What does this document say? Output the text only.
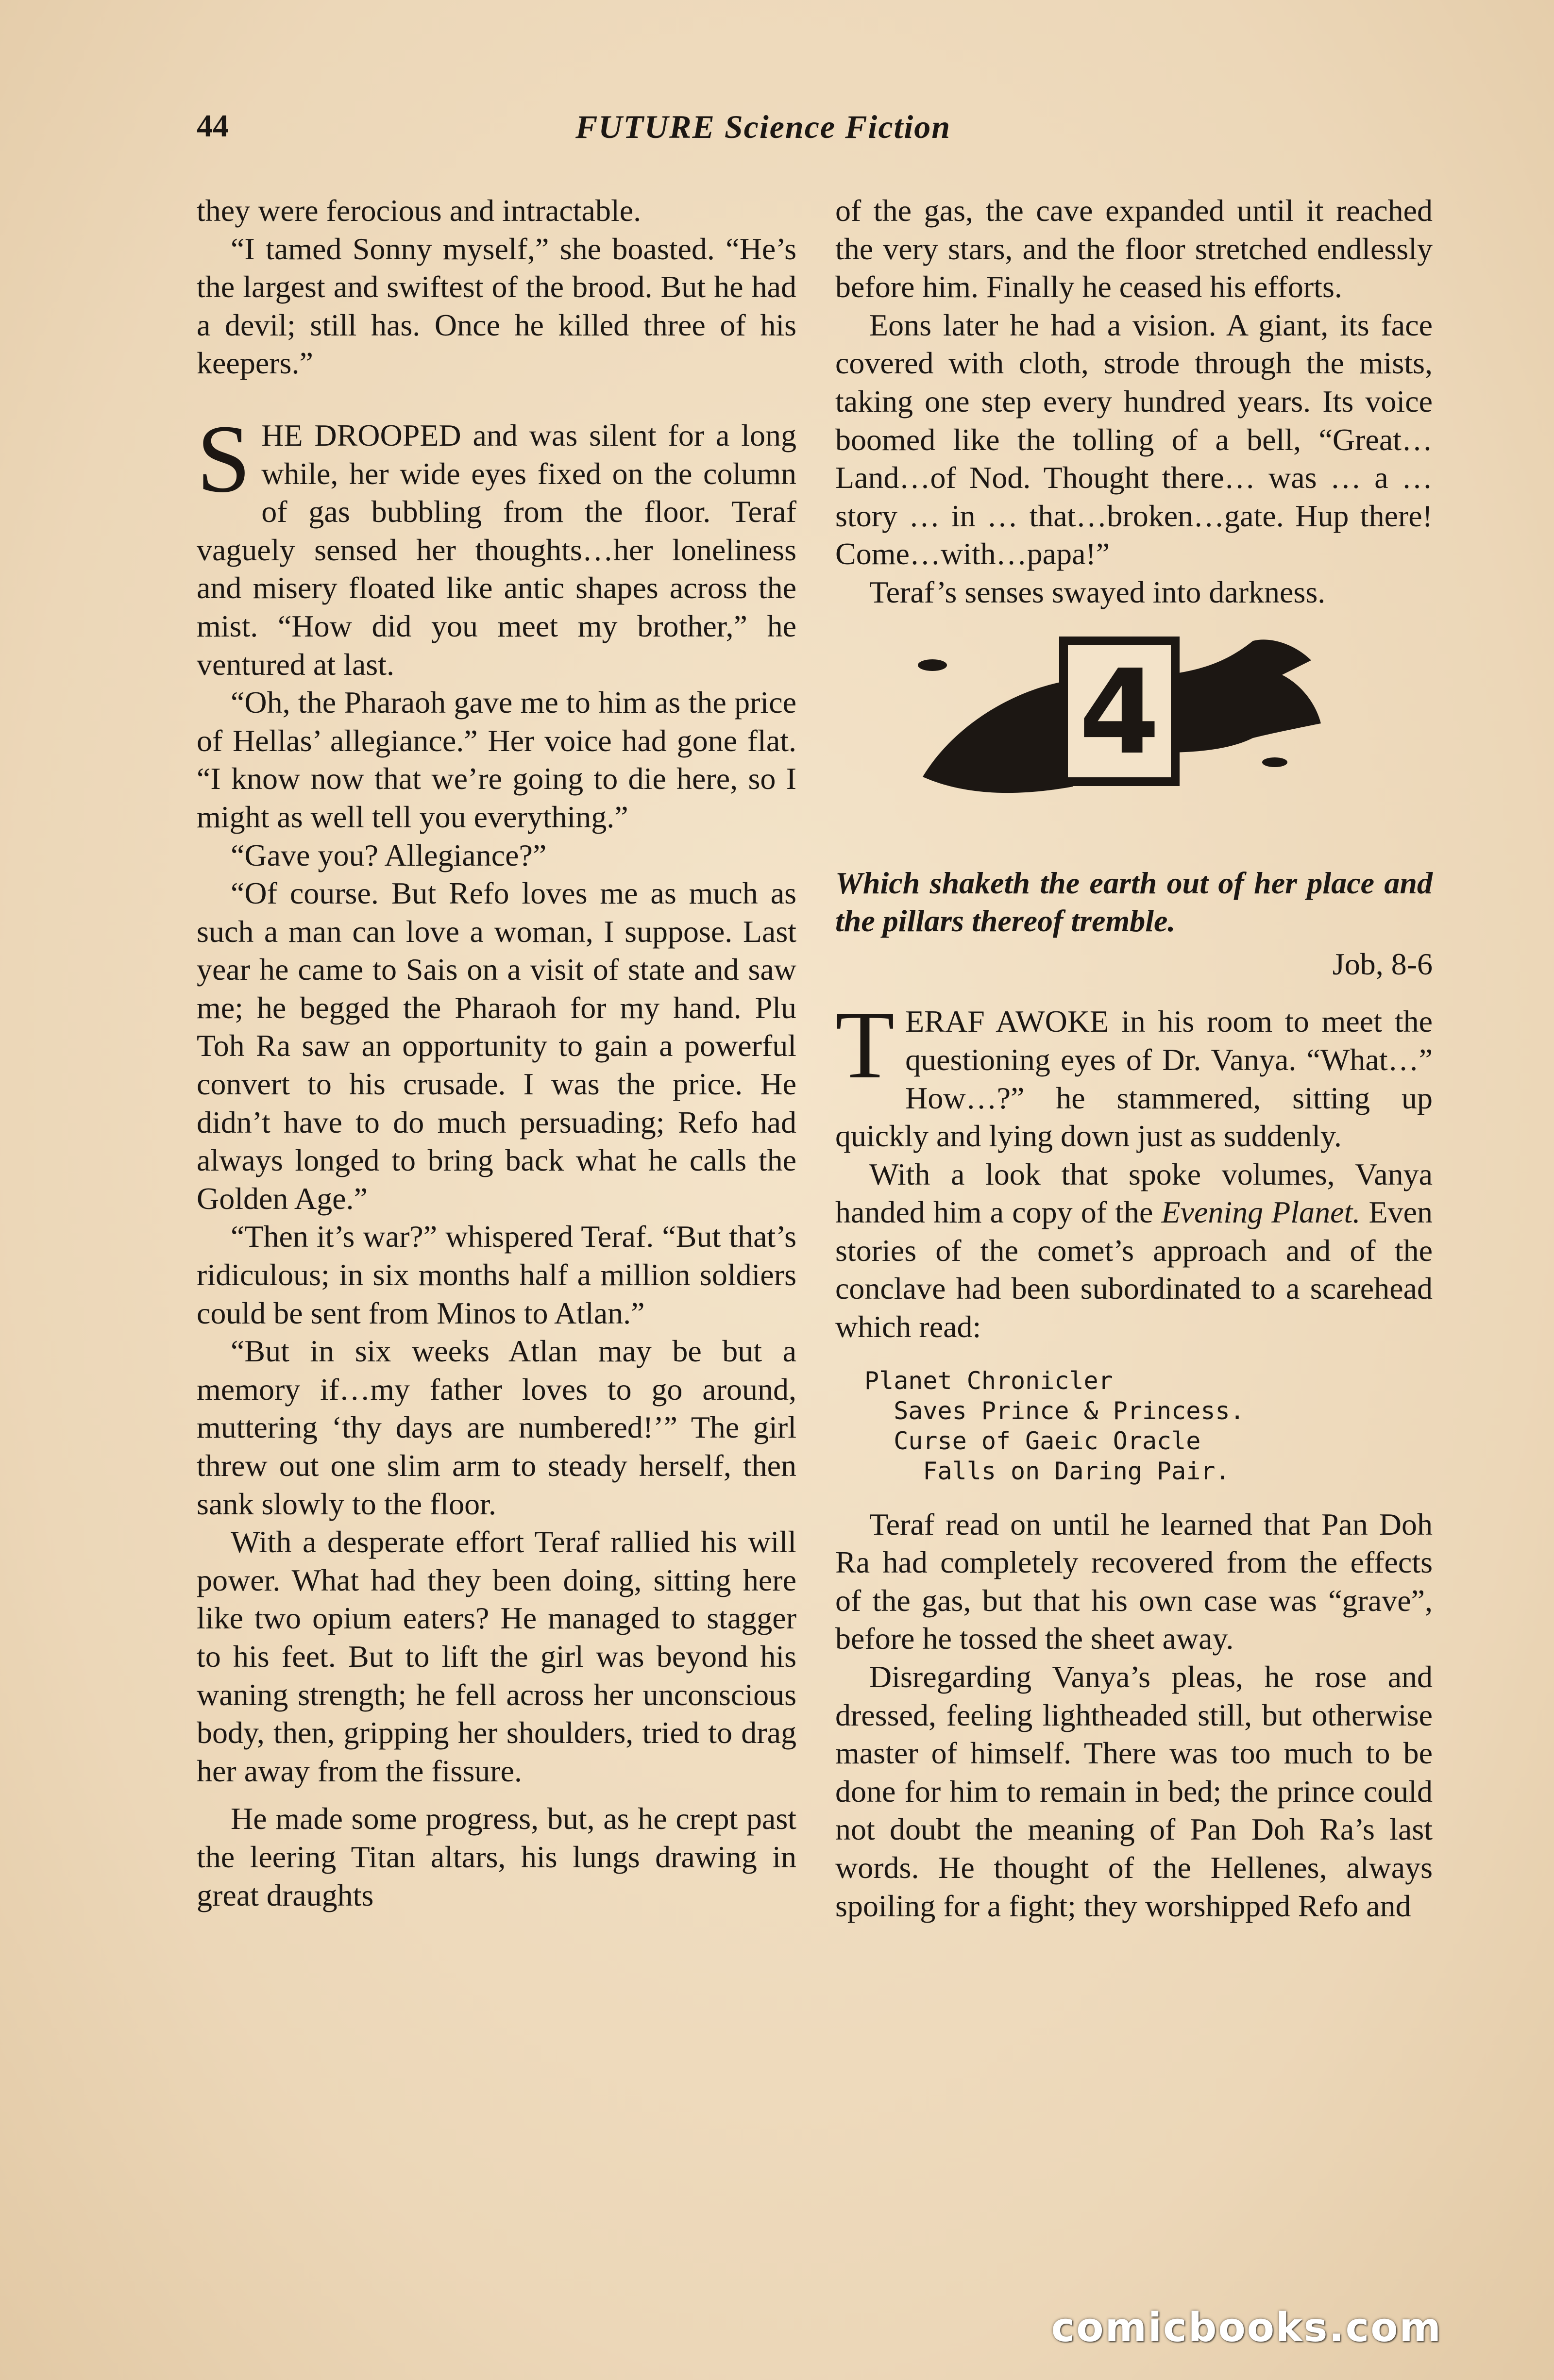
44	FUTURE Science Fiction

they were ferocious and intractable.

“I tamed Sonny myself,” she boasted. “He’s the largest and swiftest of the brood. But he had a devil; still has. Once he killed three of his keepers.”

SHE DROOPED and was silent for a long while, her wide eyes fixed on the column of gas bubbling from the floor. Teraf vaguely sensed her thoughts…her loneliness and misery floated like antic shapes across the mist. “How did you meet my brother,” he ventured at last.

“Oh, the Pharaoh gave me to him as the price of Hellas’ allegiance.” Her voice had gone flat. “I know now that we’re going to die here, so I might as well tell you everything.”

“Gave you? Allegiance?”

“Of course. But Refo loves me as much as such a man can love a woman, I suppose. Last year he came to Sais on a visit of state and saw me; he begged the Pharaoh for my hand. Plu Toh Ra saw an opportunity to gain a powerful convert to his crusade. I was the price. He didn’t have to do much persuading; Refo had always longed to bring back what he calls the Golden Age.”

“Then it’s war?” whispered Teraf. “But that’s ridiculous; in six months half a million soldiers could be sent from Minos to Atlan.”

“But in six weeks Atlan may be but a memory if…my father loves to go around, muttering ‘thy days are numbered!’” The girl threw out one slim arm to steady herself, then sank slowly to the floor.

With a desperate effort Teraf rallied his will power. What had they been doing, sitting here like two opium eaters? He managed to stagger to his feet. But to lift the girl was beyond his waning strength; he fell across her unconscious body, then, gripping her shoulders, tried to drag her away from the fissure.

He made some progress, but, as he crept past the leering Titan altars, his lungs drawing in great draughts

of the gas, the cave expanded until it reached the very stars, and the floor stretched endlessly before him. Finally he ceased his efforts.

Eons later he had a vision. A giant, its face covered with cloth, strode through the mists, taking one step every hundred years. Its voice boomed like the tolling of a bell, “Great… Land…of Nod. Thought there… was … a … story … in … that…broken…gate. Hup there! Come…with…papa!”

Teraf’s senses swayed into darkness.

4

Which shaketh the earth out of her place and the pillars thereof tremble.

Job, 8-6

TERAF AWOKE in his room to meet the questioning eyes of Dr. Vanya. “What…” How…?” he stammered, sitting up quickly and lying down just as suddenly.

With a look that spoke volumes, Vanya handed him a copy of the Evening Planet. Even stories of the comet’s approach and of the conclave had been subordinated to a scarehead which read:

Planet Chronicler
Saves Prince & Princess.
Curse of Gaeic Oracle
Falls on Daring Pair.

Teraf read on until he learned that Pan Doh Ra had completely recovered from the effects of the gas, but that his own case was “grave”, before he tossed the sheet away.

Disregarding Vanya’s pleas, he rose and dressed, feeling lightheaded still, but otherwise master of himself. There was too much to be done for him to remain in bed; the prince could not doubt the meaning of Pan Doh Ra’s last words. He thought of the Hellenes, always spoiling for a fight; they worshipped Refo and

comicbooks.com
